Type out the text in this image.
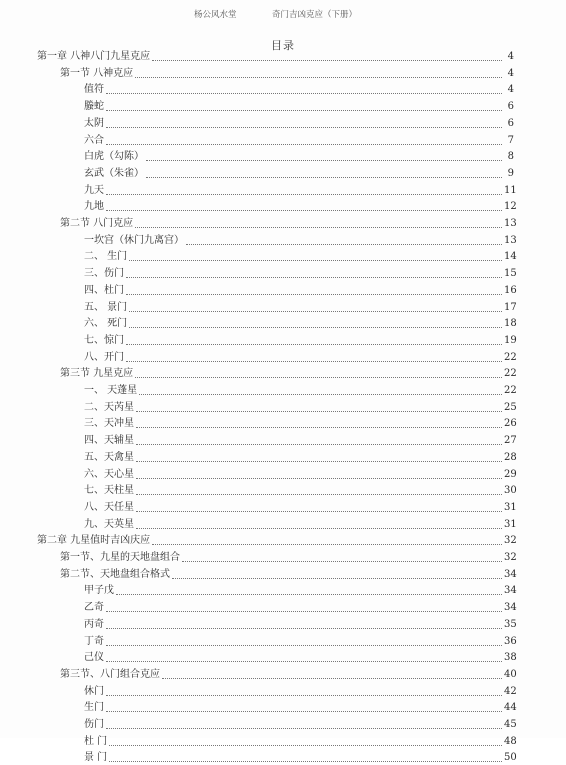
杨公风水堂	奇门吉凶克应（下册）
目录
第一章 八神八门九星克应	4
第一节 八神克应	4
值符	4
螣蛇	6
太阴	6
六合	7
白虎（勾陈）	8
玄武（朱雀）	9
九天	11
九地	12
第二节 八门克应	13
一坎宫（休门九离宫）	13
二、 生门	14
三、伤门	15
四、杜门	16
五、 景门	17
六、 死门	18
七、惊门	19
八、开门	22
第三节 九星克应	22
一、 天蓬星	22
二、天芮星	25
三、天冲星	26
四、天辅星	27
五、天禽星	28
六、天心星	29
七、天柱星	30
八、天任星	31
九、天英星	31
第二章 九星值时吉凶庆应	32
第一节、九星的天地盘组合	32
第二节、天地盘组合格式	34
甲子戊	34
乙奇	34
丙奇	35
丁奇	36
己仪	38
第三节、八门组合克应	40
休门	42
生门	44
伤门	45
杜 门	48
景 门	50
